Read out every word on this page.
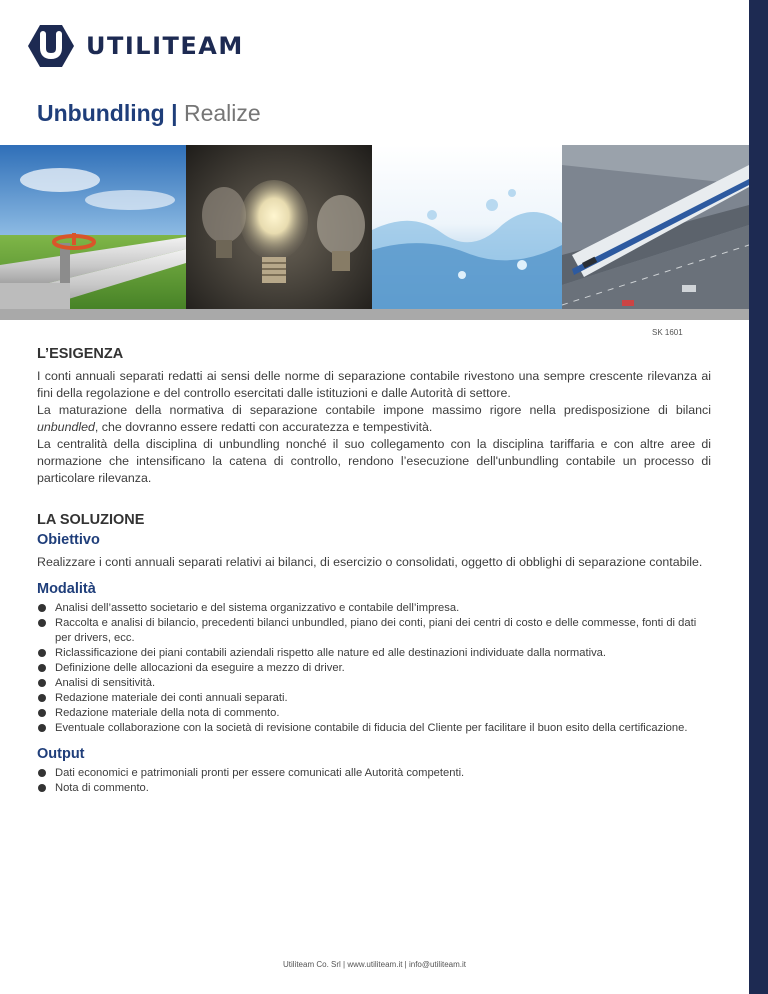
UTILITEAM
Unbundling | Realize
SK 1601
L’ESIGENZA

I conti annuali separati redatti ai sensi delle norme di separazione contabile rivestono una sempre crescente rilevanza ai fini della regolazione e del controllo esercitati dalle istituzioni e dalle Autorità di settore.

La maturazione della normativa di separazione contabile impone massimo rigore nella predisposizione di bilanci unbundled, che dovranno essere redatti con accuratezza e tempestività.

La centralità della disciplina di unbundling nonché il suo collegamento con la disciplina tariffaria e con altre aree di normazione che intensificano la catena di controllo, rendono l’esecuzione dell'unbundling contabile un processo di particolare rilevanza.

LA SOLUZIONE
Obiettivo

Realizzare i conti annuali separati relativi ai bilanci, di esercizio o consolidati, oggetto di obblighi di separazione contabile.

Modalità
Analisi dell’assetto societario e del sistema organizzativo e contabile dell’impresa.
Raccolta e analisi di bilancio, precedenti bilanci unbundled, piano dei conti, piani dei centri di costo e delle commesse, fonti di dati per drivers, ecc.
Riclassificazione dei piani contabili aziendali rispetto alle nature ed alle destinazioni individuate dalla normativa.
Definizione delle allocazioni da eseguire a mezzo di driver.
Analisi di sensitività.
Redazione materiale dei conti annuali separati.
Redazione materiale della nota di commento.
Eventuale collaborazione con la società di revisione contabile di fiducia del Cliente per facilitare il buon esito della certificazione.
Output
Dati economici e patrimoniali pronti per essere comunicati alle Autorità competenti.
Nota di commento.
Utiliteam Co. Srl | www.utiliteam.it | info@utiliteam.it
